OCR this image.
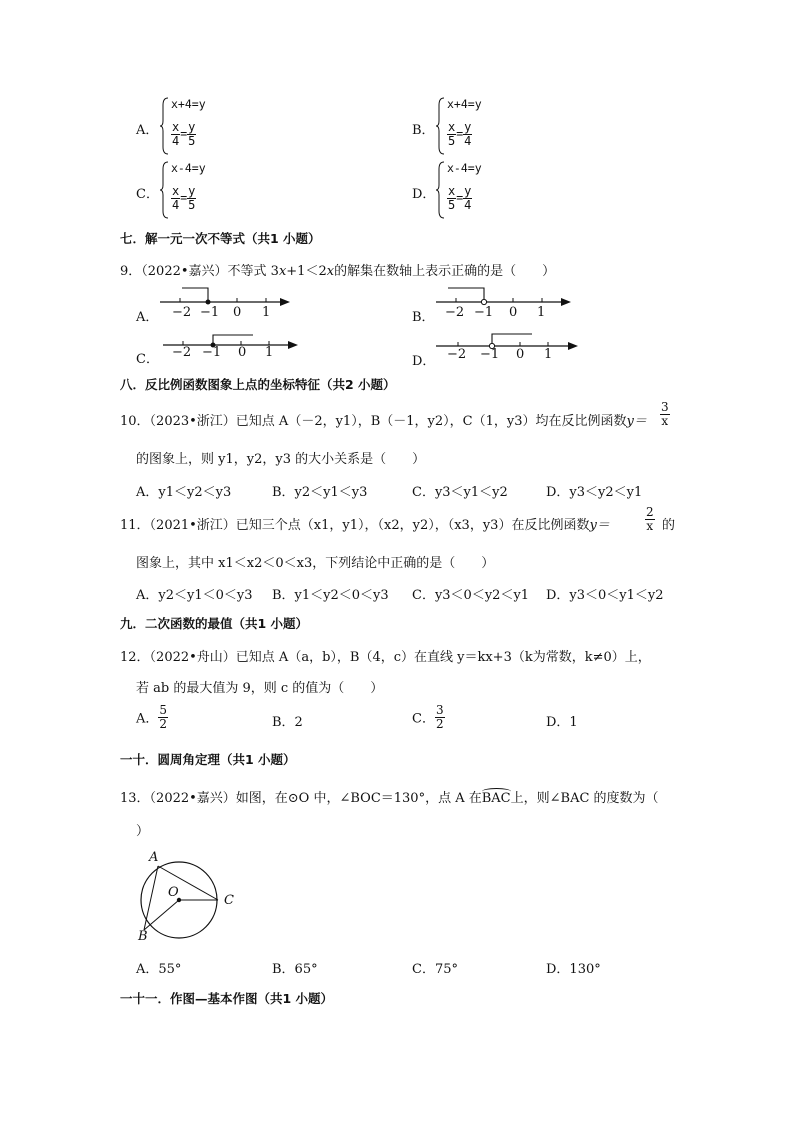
A．
x+4=y
$\frac{x}{4} = \frac{y}{5}$	B．
x+4=y
$\frac{x}{5} = \frac{y}{4}$
C．
x-4=y
$\frac{x}{4} = \frac{y}{5}$	D．
x-4=y
$\frac{x}{5} = \frac{y}{4}$
七．解一元一次不等式（共1 小题）
9．（2022•嘉兴）不等式 3x+1＜2x的解集在数轴上表示正确的是（　　）
A． −2 −1 0 1	B． −2 −1 0 1
C． −2 −1 0 1
D． −2 −1 0 1
八．反比例函数图象上点的坐标特征（共2 小题）
10．（2023•浙江）已知点 A（－2，y1），B（－1，y2），C（1，y3）均在反比例函数$y= \frac{3}{x}$
的图象上，则 y1，y2，y3 的大小关系是（　　）
A．y1＜y2＜y3	B．y2＜y1＜y3	C．y3＜y1＜y2	D．y3＜y2＜y1
11．（2021•浙江）已知三个点（x1，y1），（x2，y2），（x3，y3）在反比例函数y＝	$\frac{2}{x}$ 的
图象上，其中 x1＜x2＜0＜x3，下列结论中正确的是（　　）
A．y2＜y1＜0＜y3 B．y1＜y2＜0＜y3 C．y3＜0＜y2＜y1 D．y3＜0＜y1＜y2
九．二次函数的最值（共1 小题）
12．（2022•舟山）已知点 A（a，b），B（4，c）在直线 y＝kx+3（k为常数，k≠0）上，
若 ab 的最大值为 9，则 c 的值为（　　）
A． $\frac{5}{2}$	B．2	C． $\frac{3}{2}$	D．1
一十．圆周角定理（共1 小题）
13．（2022•嘉兴）如图，在⊙O 中，∠BOC＝130°，点 A 在BAC上，则∠BAC 的度数为（
）
A
O
C
B
A．55°	B．65°	C．75°	D．130°
一十一．作图—基本作图（共1 小题）
